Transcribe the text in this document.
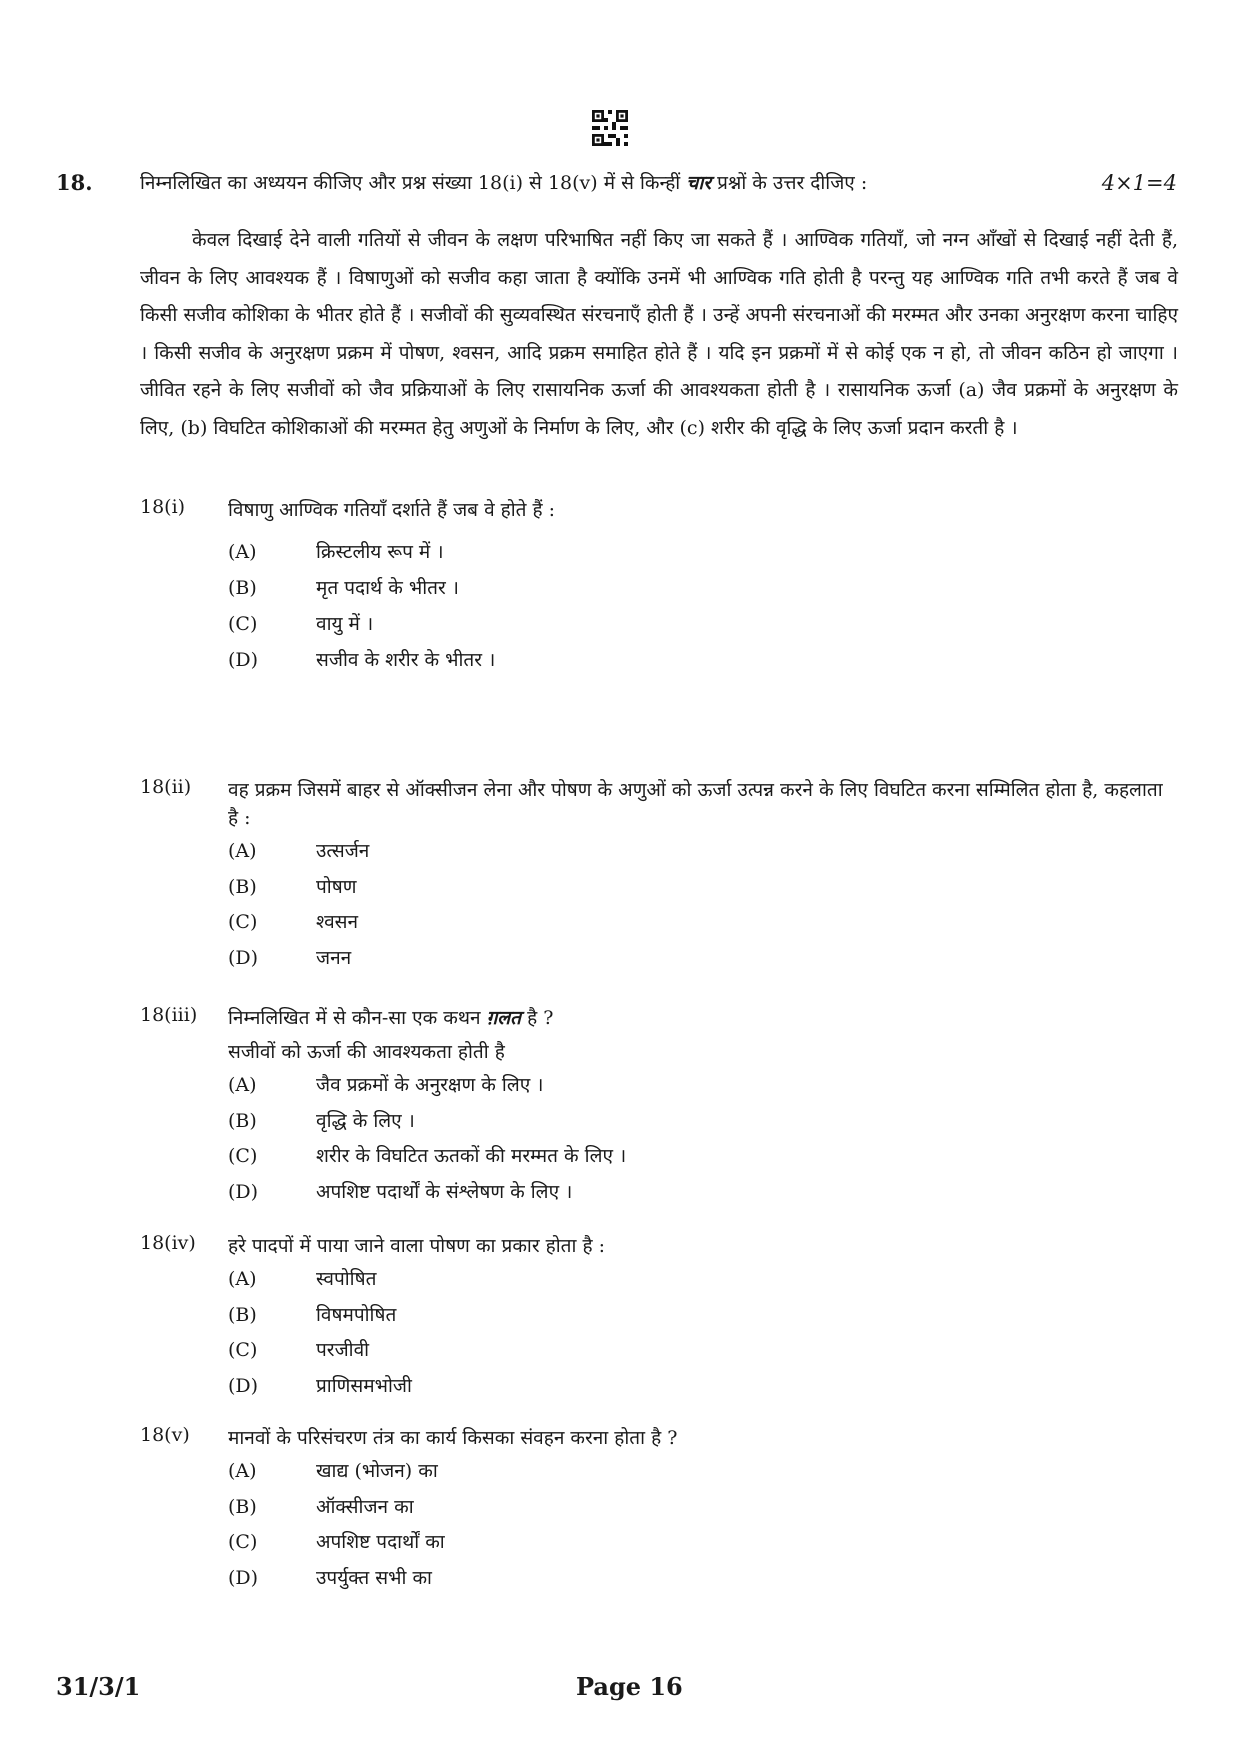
18. निम्नलिखित का अध्ययन कीजिए और प्रश्न संख्या 18(i) से 18(v) में से किन्हीं चार प्रश्नों के उत्तर दीजिए :	4×1=4

केवल दिखाई देने वाली गतियों से जीवन के लक्षण परिभाषित नहीं किए जा सकते हैं । आण्विक गतियाँ, जो नग्न आँखों से दिखाई नहीं देती हैं, जीवन के लिए आवश्यक हैं । विषाणुओं को सजीव कहा जाता है क्योंकि उनमें भी आण्विक गति होती है परन्तु यह आण्विक गति तभी करते हैं जब वे किसी सजीव कोशिका के भीतर होते हैं । सजीवों की सुव्यवस्थित संरचनाएँ होती हैं । उन्हें अपनी संरचनाओं की मरम्मत और उनका अनुरक्षण करना चाहिए । किसी सजीव के अनुरक्षण प्रक्रम में पोषण, श्वसन, आदि प्रक्रम समाहित होते हैं । यदि इन प्रक्रमों में से कोई एक न हो, तो जीवन कठिन हो जाएगा । जीवित रहने के लिए सजीवों को जैव प्रक्रियाओं के लिए रासायनिक ऊर्जा की आवश्यकता होती है । रासायनिक ऊर्जा (a) जैव प्रक्रमों के अनुरक्षण के लिए, (b) विघटित कोशिकाओं की मरम्मत हेतु अणुओं के निर्माण के लिए, और (c) शरीर की वृद्धि के लिए ऊर्जा प्रदान करती है ।

18(i) विषाणु आण्विक गतियाँ दर्शाते हैं जब वे होते हैं :
(A)	क्रिस्टलीय रूप में ।
(B)	मृत पदार्थ के भीतर ।
(C)	वायु में ।
(D)	सजीव के शरीर के भीतर ।
18(ii) वह प्रक्रम जिसमें बाहर से ऑक्सीजन लेना और पोषण के अणुओं को ऊर्जा उत्पन्न करने के लिए विघटित करना सम्मिलित होता है, कहलाता है :
(A)	उत्सर्जन
(B)	पोषण
(C)	श्वसन
(D)	जनन
18(iii) निम्नलिखित में से कौन-सा एक कथन ग़लत है ?
सजीवों को ऊर्जा की आवश्यकता होती है
(A)	जैव प्रक्रमों के अनुरक्षण के लिए ।
(B)	वृद्धि के लिए ।
(C)	शरीर के विघटित ऊतकों की मरम्मत के लिए ।
(D)	अपशिष्ट पदार्थों के संश्लेषण के लिए ।
18(iv) हरे पादपों में पाया जाने वाला पोषण का प्रकार होता है :
(A)	स्वपोषित
(B)	विषमपोषित
(C)	परजीवी
(D)	प्राणिसमभोजी
18(v) मानवों के परिसंचरण तंत्र का कार्य किसका संवहन करना होता है ?
(A)	खाद्य (भोजन) का
(B)	ऑक्सीजन का
(C)	अपशिष्ट पदार्थों का
(D)	उपर्युक्त सभी का
31/3/1	Page 16
